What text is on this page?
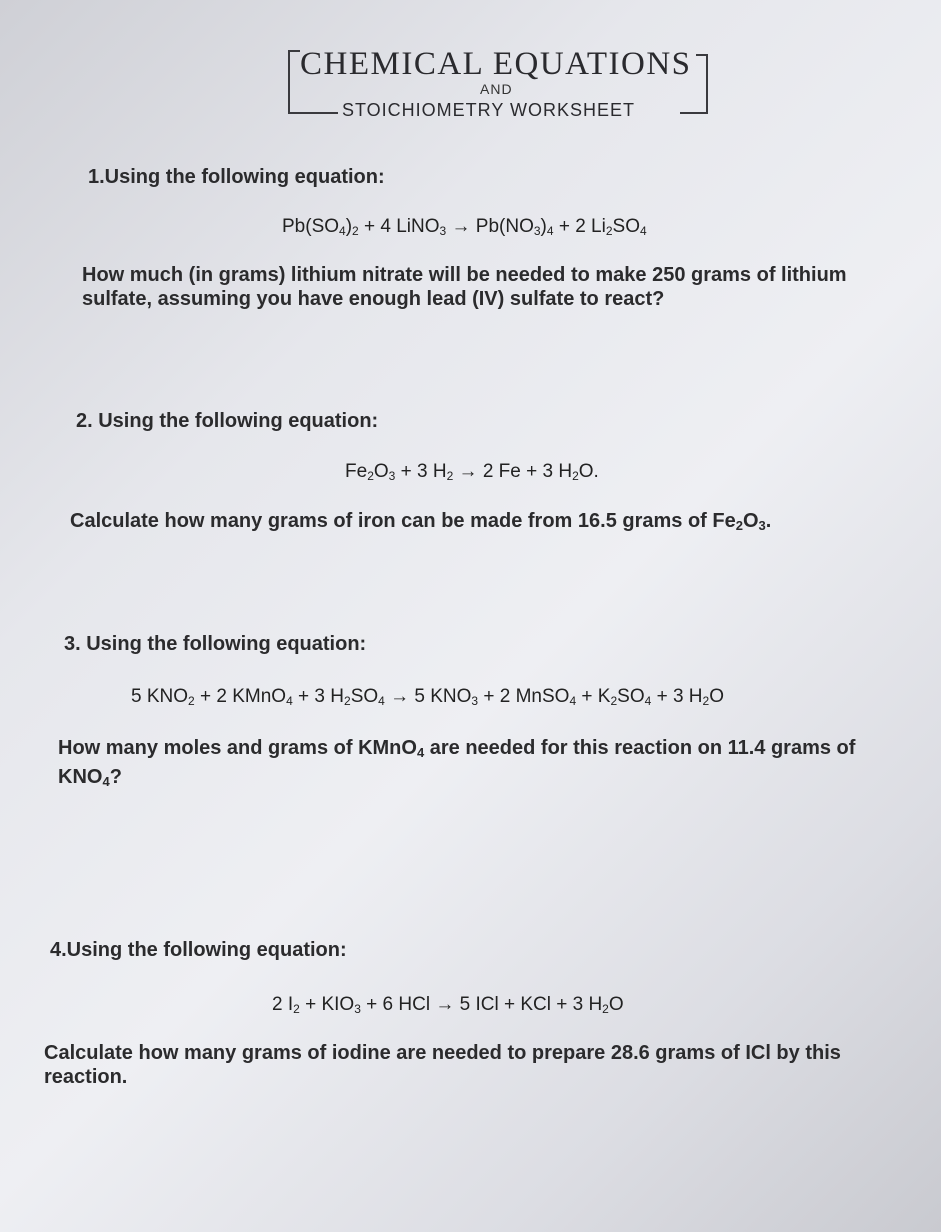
CHEMICAL EQUATIONS
AND
STOICHIOMETRY WORKSHEET
1.Using the following equation:
$Pb(SO_4)_2 + 4$ LiNO$_3$ → $Pb(NO_3)_4 + 2$ $Li_2SO_4$
How much (in grams) lithium nitrate will be needed to make 250 grams of lithium sulfate, assuming you have enough lead (IV) sulfate to react?
2. Using the following equation:
$Fe_2O_3 + 3$ $H_2 \to 2$ Fe + 3 $H_2O$.
Calculate how many grams of iron can be made from 16.5 grams of $Fe_2O_3$.
3. Using the following equation:
5 $KNO_2 + 2$ KMnO$_4$ + 3 $H_2SO_4 \to 5$ $KNO_3 + 2$ MnSO$_4$ + $K_2SO_4 + 3$ $H_2O$
How many moles and grams of KMnO$_4$ are needed for this reaction on 11.4 grams of $KNO_4$?
4.Using the following equation:
2 $I_2 + KIO_3 + 6$ HCl → 5 ICl + KCl + 3 $H_2O$
Calculate how many grams of iodine are needed to prepare 28.6 grams of ICl by this reaction.
